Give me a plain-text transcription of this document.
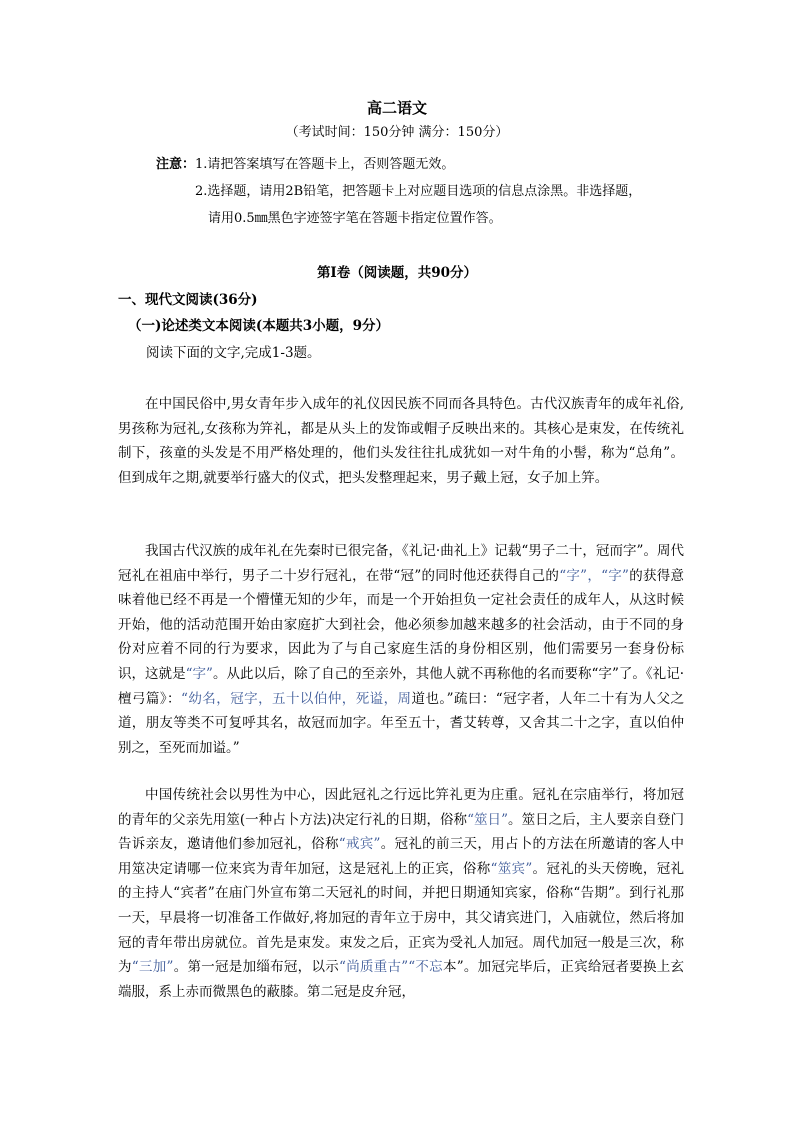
高二语文
（考试时间：150分钟 满分：150分）
注意：1.请把答案填写在答题卡上，否则答题无效。
2.选择题，请用2B铅笔，把答题卡上对应题目选项的信息点涂黑。非选择题，
请用0.5㎜黑色字迹签字笔在答题卡指定位置作答。
第Ⅰ卷（阅读题，共90分）
一、现代文阅读(36分)
（一)论述类文本阅读(本题共3小题，9分）
阅读下面的文字,完成1-3题。
在中国民俗中,男女青年步入成年的礼仪因民族不同而各具特色。古代汉族青年的成年礼俗,男孩称为冠礼,女孩称为笄礼，都是从头上的发饰或帽子反映出来的。其核心是束发，在传统礼制下，孩童的头发是不用严格处理的，他们头发往往扎成犹如一对牛角的小髻，称为“总角”。但到成年之期,就要举行盛大的仪式，把头发整理起来，男子戴上冠，女子加上笄。
我国古代汉族的成年礼在先秦时已很完备，《礼记·曲礼上》记载“男子二十，冠而字”。周代冠礼在祖庙中举行，男子二十岁行冠礼，在带“冠”的同时他还获得自己的“字”，“字”的获得意味着他已经不再是一个懵懂无知的少年，而是一个开始担负一定社会责任的成年人，从这时候开始，他的活动范围开始由家庭扩大到社会，他必须参加越来越多的社会活动，由于不同的身份对应着不同的行为要求，因此为了与自己家庭生活的身份相区别，他们需要另一套身份标识，这就是“字”。从此以后，除了自己的至亲外，其他人就不再称他的名而要称“字”了。《礼记·檀弓篇》：“幼名，冠字，五十以伯仲，死谥，周道也。”疏曰：“冠字者，人年二十有为人父之道，朋友等类不可复呼其名，故冠而加字。年至五十，耆艾转尊，又舍其二十之字，直以伯仲别之，至死而加谥。”
中国传统社会以男性为中心，因此冠礼之行远比笄礼更为庄重。冠礼在宗庙举行，将加冠的青年的父亲先用筮(一种占卜方法)决定行礼的日期，俗称“筮日”。筮日之后，主人要亲自登门告诉亲友，邀请他们参加冠礼，俗称“戒宾”。冠礼的前三天，用占卜的方法在所邀请的客人中用筮决定请哪一位来宾为青年加冠，这是冠礼上的正宾，俗称“筮宾”。冠礼的头天傍晚，冠礼的主持人“宾者”在庙门外宣布第二天冠礼的时间，并把日期通知宾家，俗称“告期”。到行礼那一天，早晨将一切准备工作做好,将加冠的青年立于房中，其父请宾进门，入庙就位，然后将加冠的青年带出房就位。首先是束发。束发之后，正宾为受礼人加冠。周代加冠一般是三次，称为“三加”。第一冠是加缁布冠，以示“尚质重古”“不忘本”。加冠完毕后，正宾给冠者要换上玄端服，系上赤而微黑色的蔽膝。第二冠是皮弁冠，
